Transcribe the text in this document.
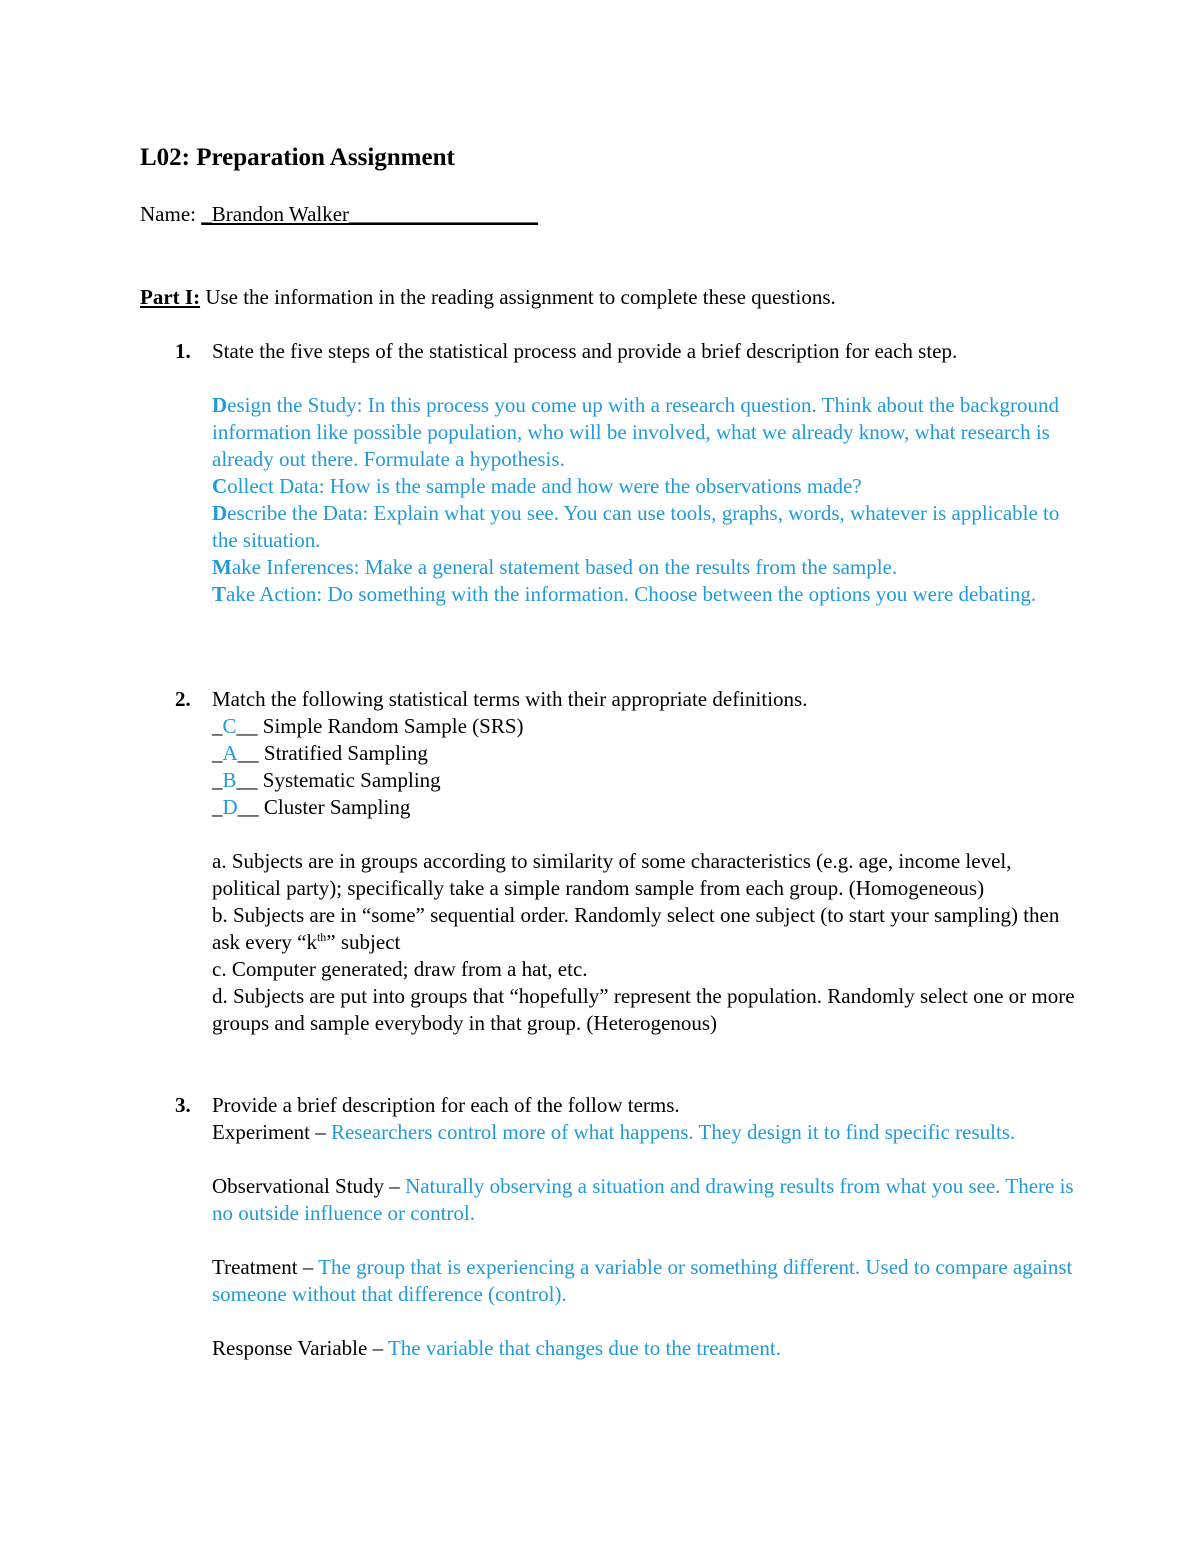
L02: Preparation Assignment
Name: _Brandon Walker__________________
Part I: Use the information in the reading assignment to complete these questions.
1. State the five steps of the statistical process and provide a brief description for each step.
Design the Study: In this process you come up with a research question. Think about the background information like possible population, who will be involved, what we already know, what research is already out there. Formulate a hypothesis.
Collect Data: How is the sample made and how were the observations made?
Describe the Data: Explain what you see. You can use tools, graphs, words, whatever is applicable to the situation.
Make Inferences: Make a general statement based on the results from the sample.
Take Action: Do something with the information. Choose between the options you were debating.
2. Match the following statistical terms with their appropriate definitions.
_C__ Simple Random Sample (SRS)
_A__ Stratified Sampling
_B__ Systematic Sampling
_D__ Cluster Sampling
a. Subjects are in groups according to similarity of some characteristics (e.g. age, income level, political party); specifically take a simple random sample from each group. (Homogeneous)
b. Subjects are in “some” sequential order. Randomly select one subject (to start your sampling) then ask every “$k^{th}$” subject
c. Computer generated; draw from a hat, etc.
d. Subjects are put into groups that “hopefully” represent the population. Randomly select one or more groups and sample everybody in that group. (Heterogenous)
3. Provide a brief description for each of the follow terms.
Experiment – Researchers control more of what happens. They design it to find specific results.
Observational Study – Naturally observing a situation and drawing results from what you see. There is no outside influence or control.
Treatment – The group that is experiencing a variable or something different. Used to compare against someone without that difference (control).
Response Variable – The variable that changes due to the treatment.
